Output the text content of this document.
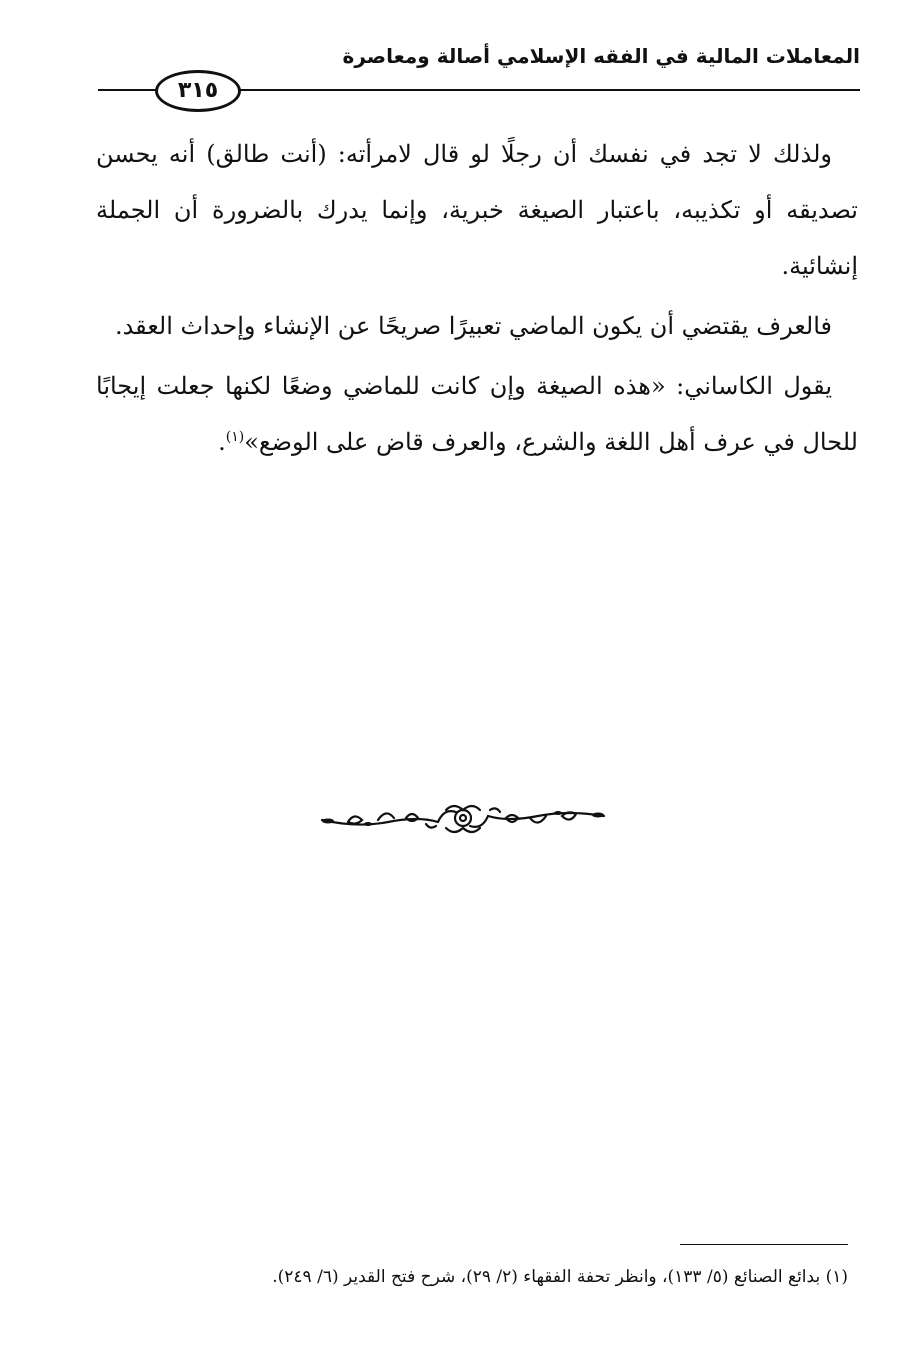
المعاملات المالية في الفقه الإسلامي أصالة ومعاصرة
٣١٥

ولذلك لا تجد في نفسك أن رجلًا لو قال لامرأته: (أنت طالق) أنه يحسن تصديقه أو تكذيبه، باعتبار الصيغة خبرية، وإنما يدرك بالضرورة أن الجملة إنشائية.

فالعرف يقتضي أن يكون الماضي تعبيرًا صريحًا عن الإنشاء وإحداث العقد.

يقول الكاساني: «هذه الصيغة وإن كانت للماضي وضعًا لكنها جعلت إيجابًا للحال في عرف أهل اللغة والشرع، والعرف قاض على الوضع»$^{(١)}$.

(١) بدائع الصنائع (٥/ ١٣٣)، وانظر تحفة الفقهاء (٢/ ٢٩)، شرح فتح القدير (٦/ ٢٤٩).
